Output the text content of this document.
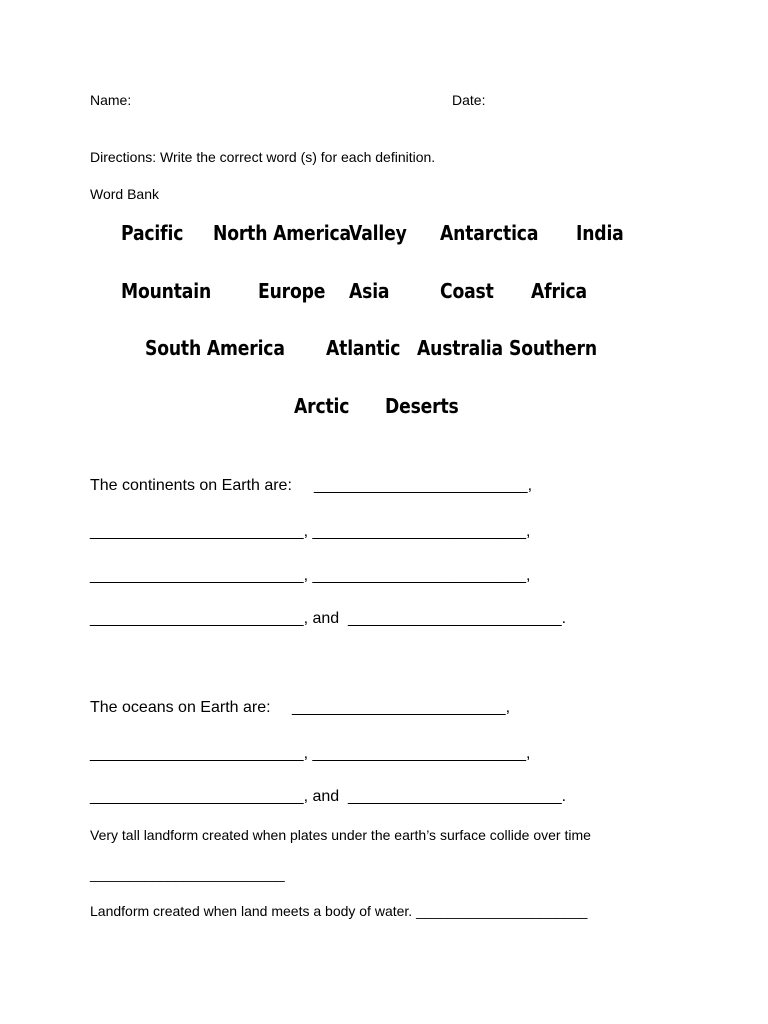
Name:	Date:
Directions: Write the correct word (s) for each definition.
Word Bank
Pacific North America
Valley Antarctica India
Mountain Europe Asia	Coast Africa
South America Atlantic Australia Southern
Arctic Deserts
The continents on Earth are: ________________________,
________________________, ________________________,
________________________, ________________________,
________________________, and  ________________________.
The oceans on Earth are: ________________________,
________________________, ________________________,
________________________, and  ________________________.
Very tall landform created when plates under the earth’s surface collide over time
_________________________
Landform created when land meets a body of water. ______________________
